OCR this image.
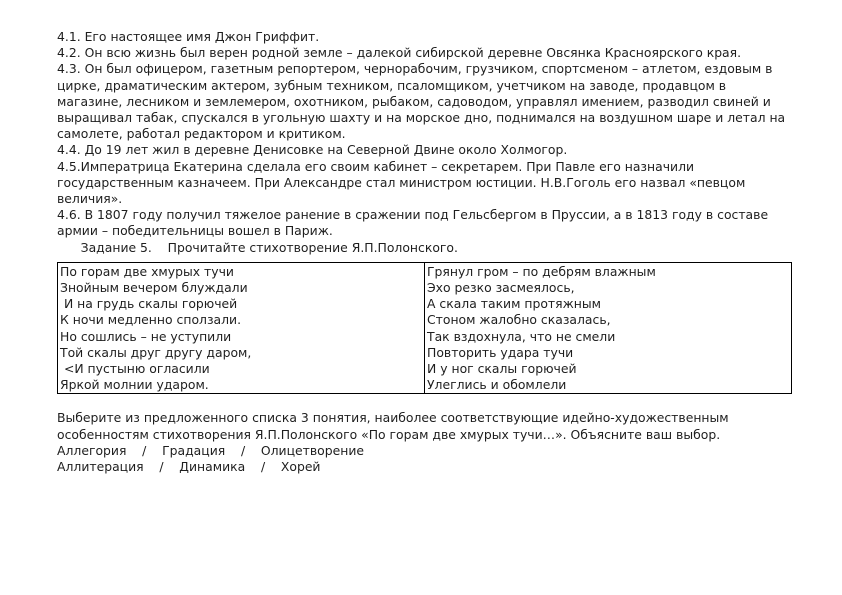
4.1. Его настоящее имя Джон Гриффит.

4.2. Он всю жизнь был верен родной земле – далекой сибирской деревне Овсянка Красноярского края.

4.3. Он был офицером, газетным репортером, чернорабочим, грузчиком, спортсменом – атлетом, ездовым в цирке, драматическим актером, зубным техником, псаломщиком, учетчиком на заводе, продавцом в магазине, лесником и землемером, охотником, рыбаком, садоводом, управлял имением, разводил свиней и выращивал табак, спускался в угольную шахту и на морское дно, поднимался на воздушном шаре и летал на самолете, работал редактором и критиком.

4.4. До 19 лет жил в деревне Денисовке на Северной Двине около Холмогор.

4.5.Императрица Екатерина сделала его своим кабинет – секретарем. При Павле его назначили государственным казначеем. При Александре стал министром юстиции. Н.В.Гоголь его назвал «певцом величия».

4.6. В 1807 году получил тяжелое ранение в сражении под Гельсбергом в Пруссии, а в 1813 году в составе армии – победительницы вошел в Париж.

Задание 5. Прочитайте стихотворение Я.П.Полонского.

По горам две хмурых тучи
Знойным вечером блуждали
И на грудь скалы горючей
К ночи медленно сползали.
Но сошлись – не уступили
Той скалы друг другу даром,
<И пустыню огласили
Яркой молнии ударом.

Грянул гром – по дебрям влажным
Эхо резко засмеялось,
А скала таким протяжным
Стоном жалобно сказалась,
Так вздохнула, что не смели
Повторить удара тучи
И у ног скалы горючей
Улеглись и обомлели

Выберите из предложенного списка 3 понятия, наиболее соответствующие идейно-художественным особенностям стихотворения Я.П.Полонского «По горам две хмурых тучи…». Объясните ваш выбор.

Аллегория    /    Градация    /    Олицетворение

Аллитерация    /    Динамика    /    Хорей
